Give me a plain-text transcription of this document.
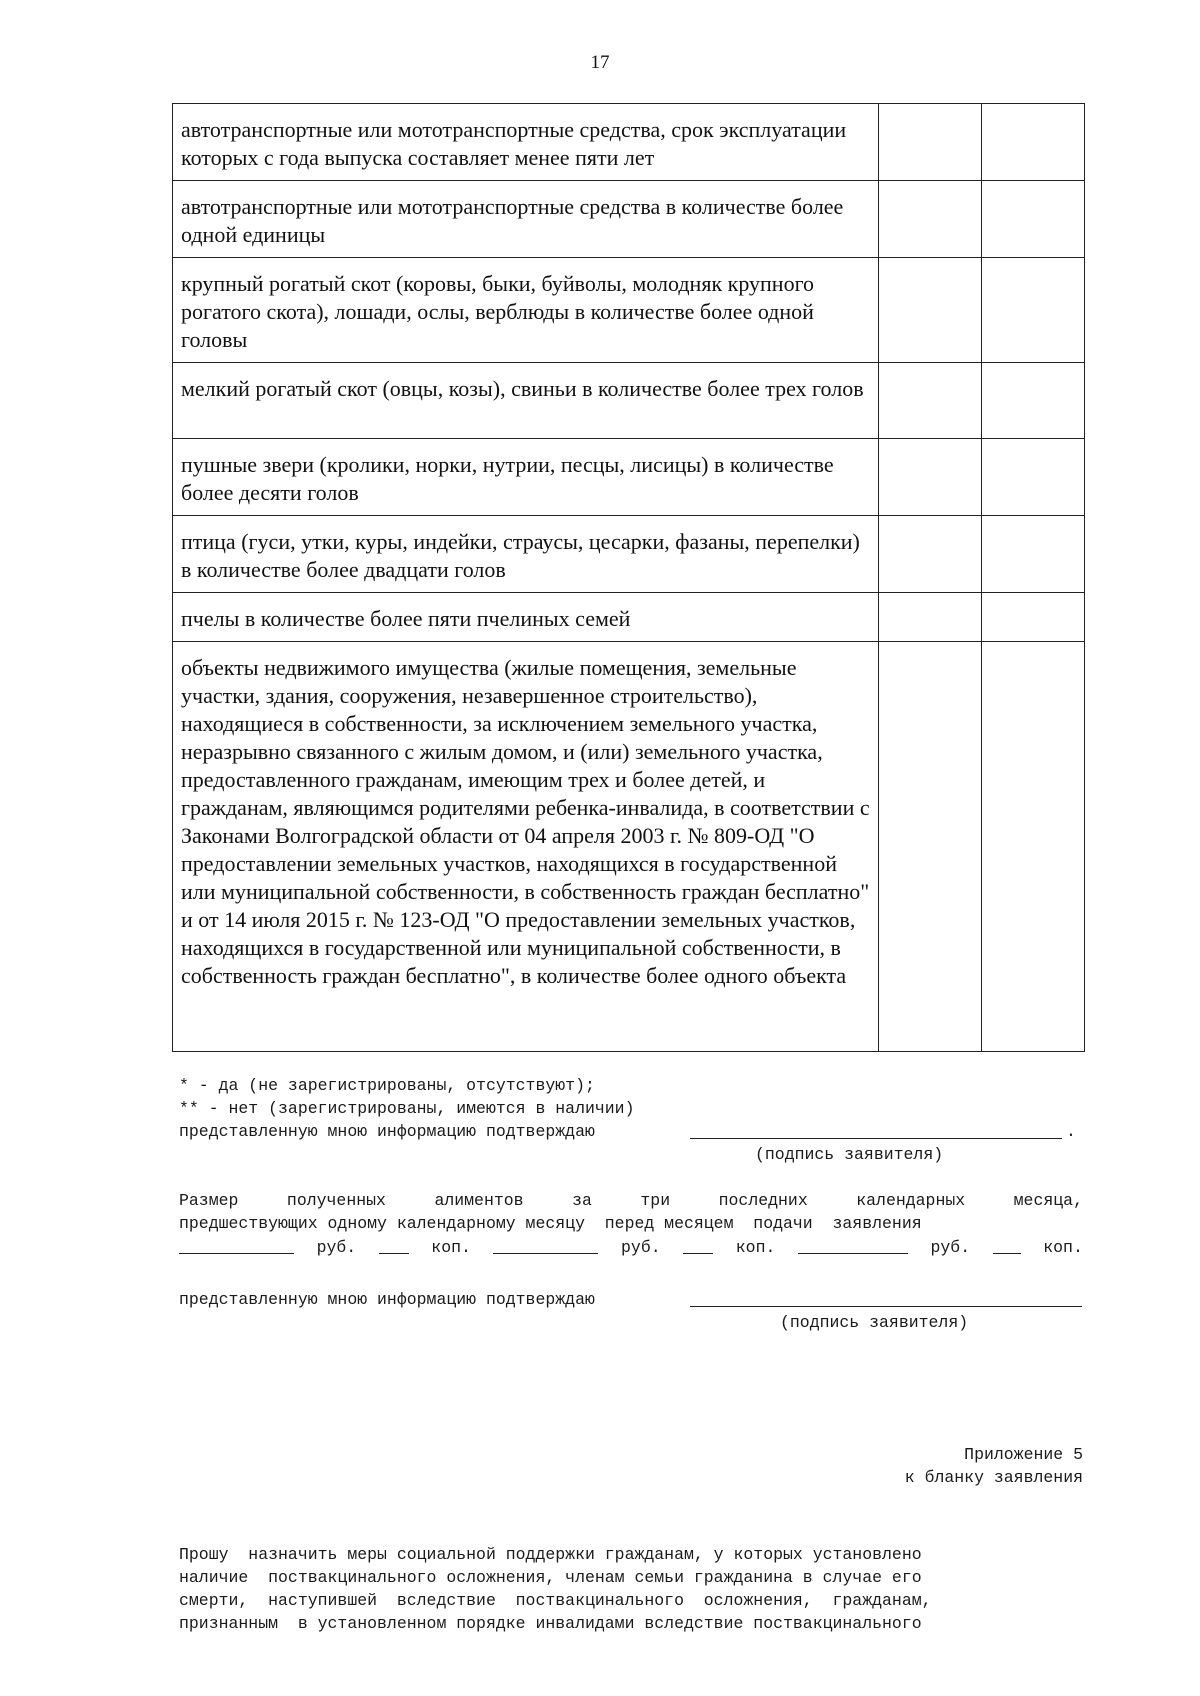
17
автотранспортные или мототранспортные средства, срок эксплуатации которых с года выпуска составляет менее пяти лет		
автотранспортные или мототранспортные средства в количестве более одной единицы		
крупный рогатый скот (коровы, быки, буйволы, молодняк крупного рогатого скота), лошади, ослы, верблюды в количестве более одной головы		
мелкий рогатый скот (овцы, козы), свиньи в количестве более трех голов		
пушные звери (кролики, норки, нутрии, песцы, лисицы) в количестве более десяти голов		
птица (гуси, утки, куры, индейки, страусы, цесарки, фазаны, перепелки) в количестве более двадцати голов		
пчелы в количестве более пяти пчелиных семей		
объекты недвижимого имущества (жилые помещения, земельные участки, здания, сооружения, незавершенное строительство), находящиеся в собственности, за исключением земельного участка, неразрывно связанного с жилым домом, и (или) земельного участка, предоставленного гражданам, имеющим трех и более детей, и гражданам, являющимся родителями ребенка-инвалида, в соответствии с Законами Волгоградской области от 04 апреля 2003 г. № 809-ОД "О предоставлении земельных участков, находящихся в государственной или муниципальной собственности, в собственность граждан бесплатно" и от 14 июля 2015 г. № 123-ОД "О предоставлении земельных участков, находящихся в государственной или муниципальной собственности, в собственность граждан бесплатно", в количестве более одного объекта		
* - да (не зарегистрированы, отсутствуют);
** - нет (зарегистрированы, имеются в наличии)
представленную мною информацию подтверждаю	.
(подпись заявителя)
Размер	полученных	алиментов	за	три	последних	календарных	месяца,
предшествующих одному календарному месяцу  перед месяцем  подачи  заявления
руб.	коп.	руб.	коп.	руб.	коп.
представленную мною информацию подтверждаю
(подпись заявителя)
Приложение 5
к бланку заявления
Прошу  назначить меры социальной поддержки гражданам, у которых установлено
наличие  поствакцинального осложнения, членам семьи гражданина в случае его
смерти,  наступившей  вследствие  поствакцинального  осложнения,  гражданам,
признанным  в установленном порядке инвалидами вследствие поствакцинального
